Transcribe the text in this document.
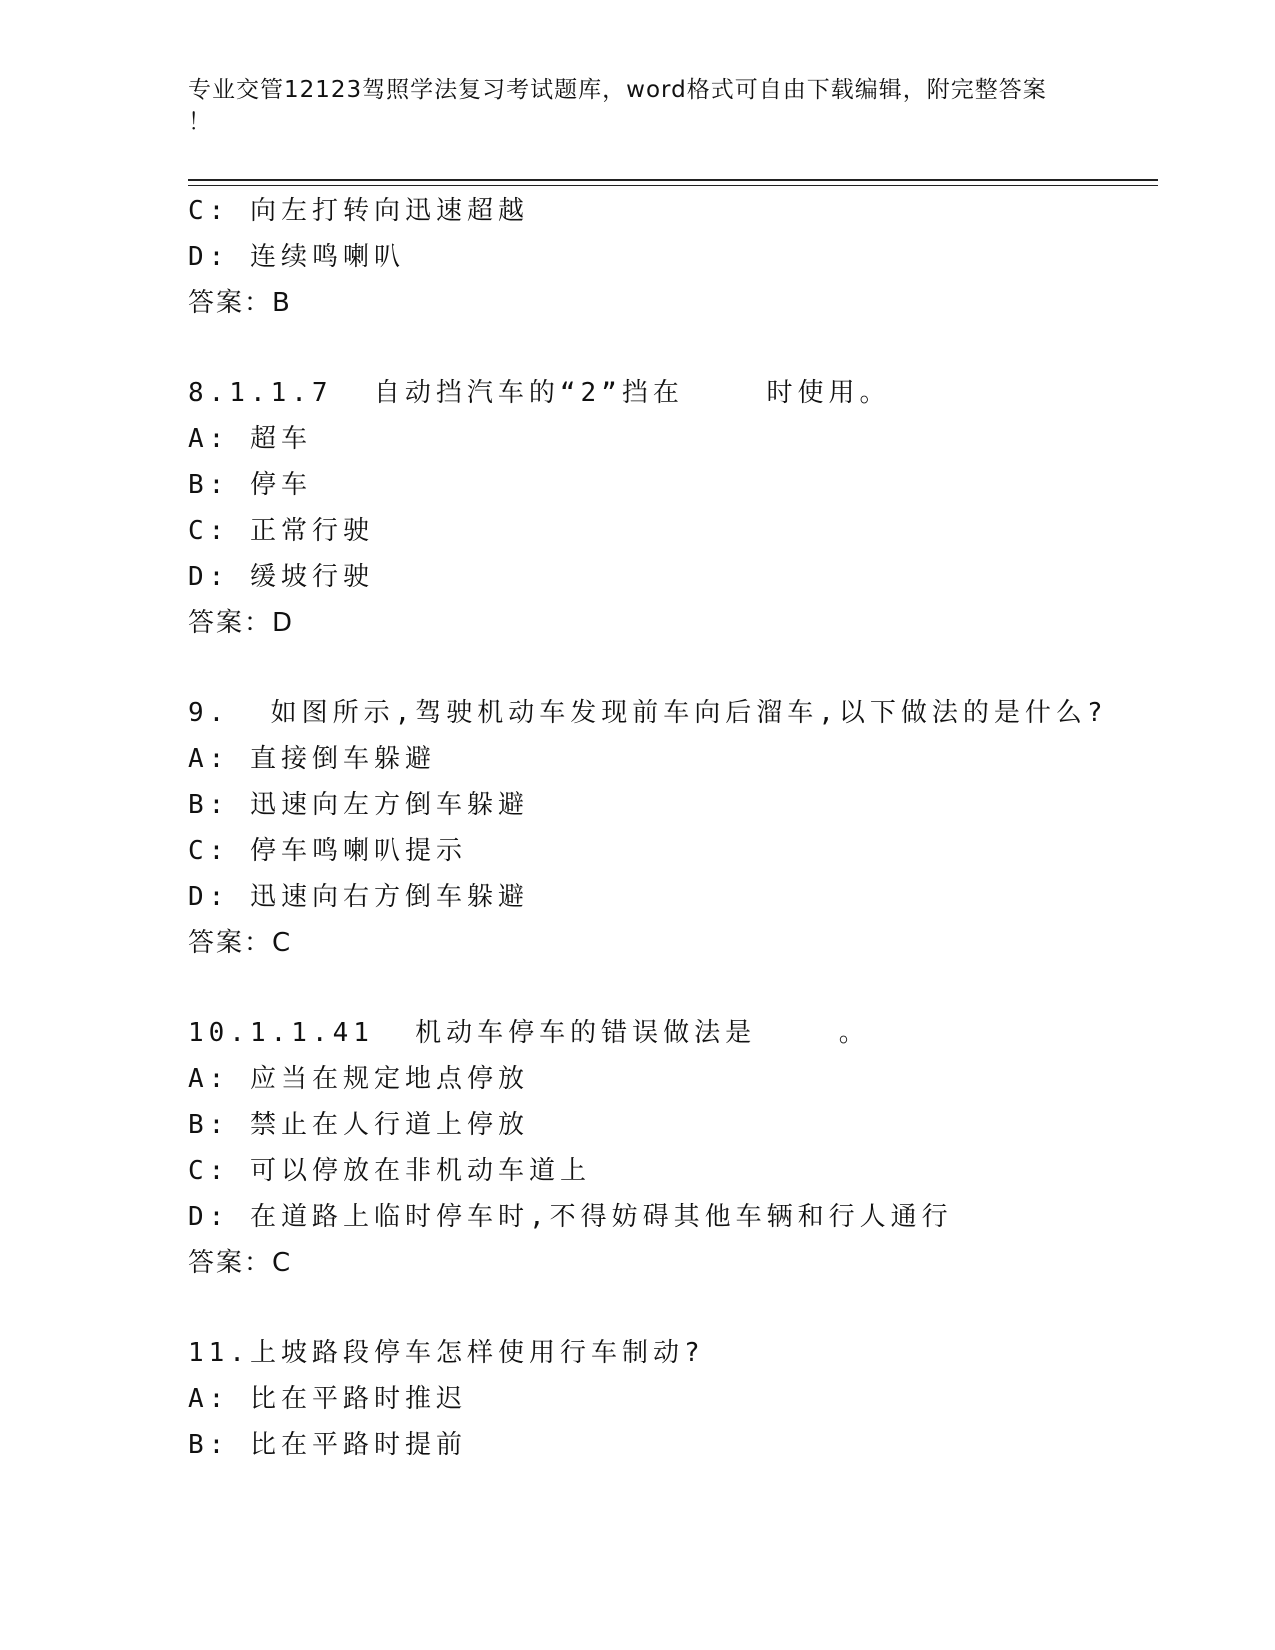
专业交管12123驾照学法复习考试题库，word格式可自由下载编辑，附完整答案
！
C: 向左打转向迅速超越
D: 连续鸣喇叭
答案：B
8.1.1.7  自动挡汽车的“2”挡在    时使用。
A: 超车
B: 停车
C: 正常行驶
D: 缓坡行驶
答案：D
9.  如图所示,驾驶机动车发现前车向后溜车,以下做法的是什么?
A: 直接倒车躲避
B: 迅速向左方倒车躲避
C: 停车鸣喇叭提示
D: 迅速向右方倒车躲避
答案：C
10.1.1.41  机动车停车的错误做法是    。
A: 应当在规定地点停放
B: 禁止在人行道上停放
C: 可以停放在非机动车道上
D: 在道路上临时停车时,不得妨碍其他车辆和行人通行
答案：C
11.上坡路段停车怎样使用行车制动?
A: 比在平路时推迟
B: 比在平路时提前
